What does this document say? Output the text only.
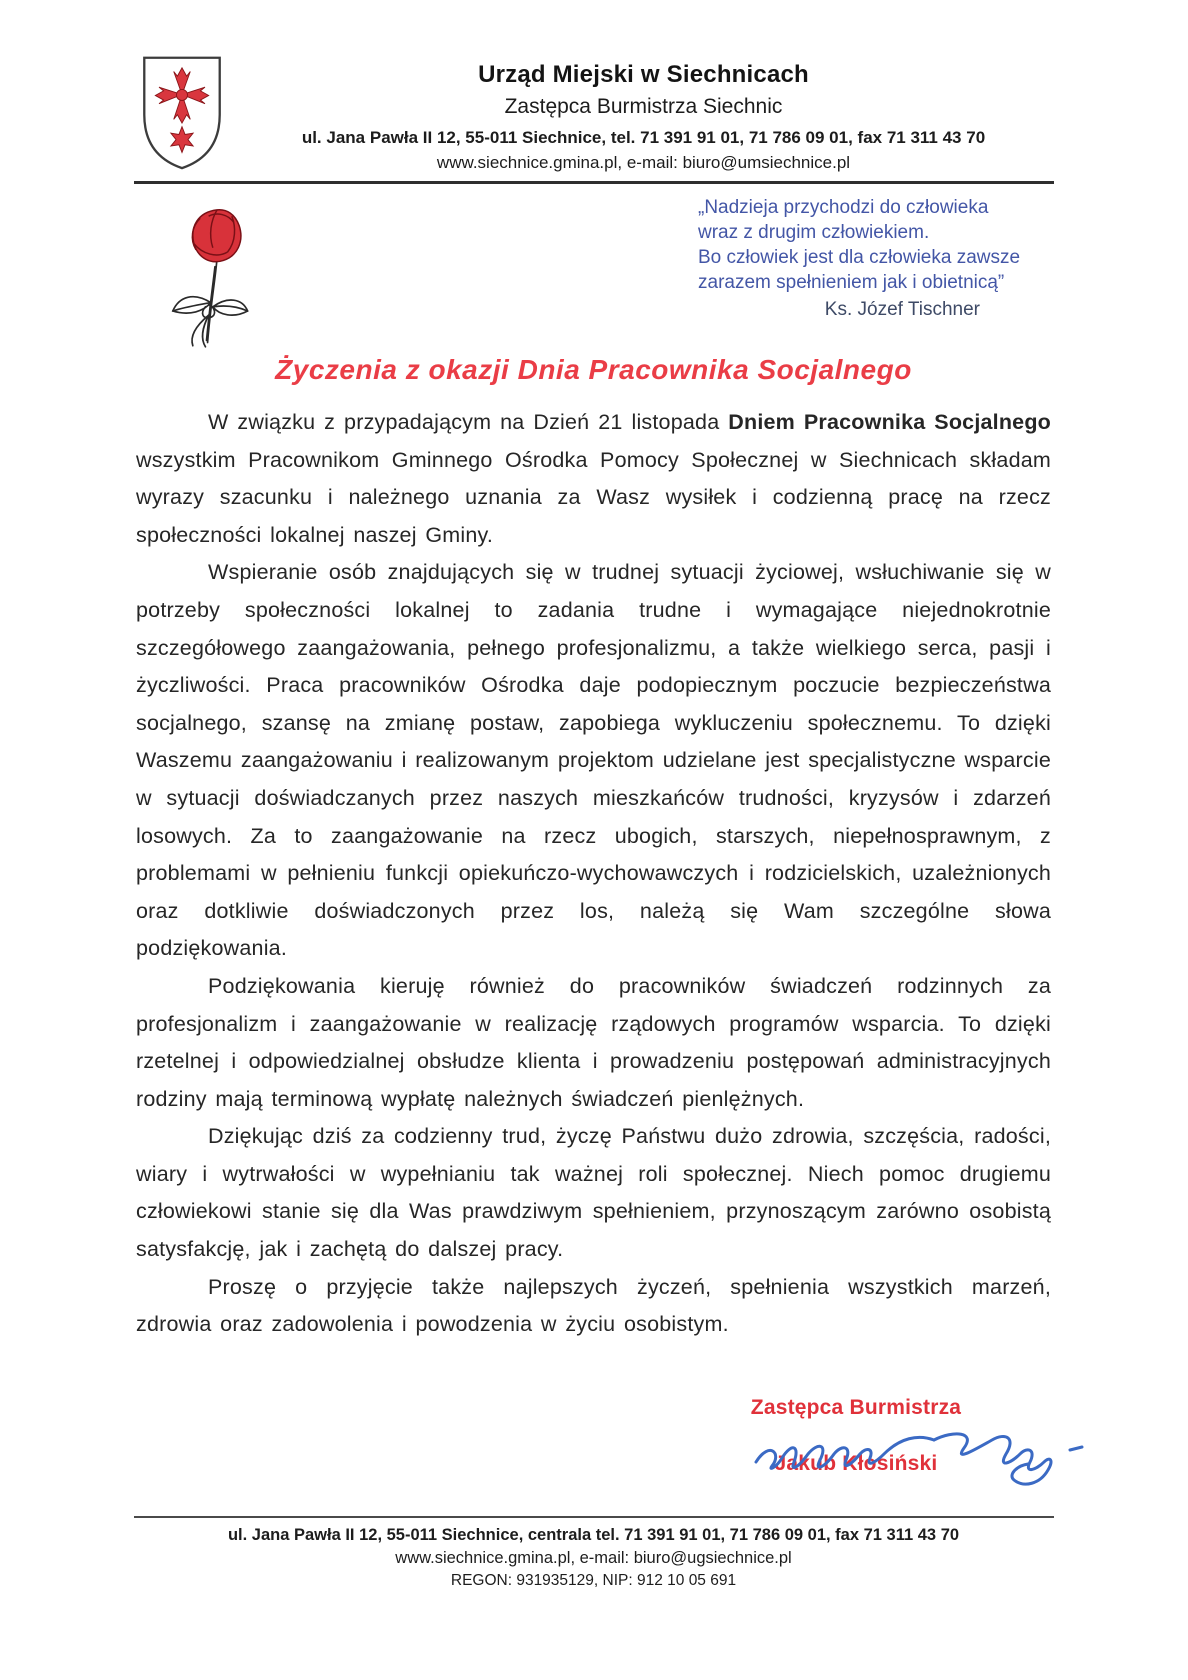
Urząd Miejski w Siechnicach
Zastępca Burmistrza Siechnic
ul. Jana Pawła II 12, 55-011 Siechnice, tel. 71 391 91 01, 71 786 09 01, fax 71 311 43 70
www.siechnice.gmina.pl, e-mail: biuro@umsiechnice.pl
„Nadzieja przychodzi do człowieka
wraz z drugim człowiekiem.
Bo człowiek jest dla człowieka zawsze
zarazem spełnieniem jak i obietnicą”
Ks. Józef Tischner
Życzenia z okazji Dnia Pracownika Socjalnego

W związku z przypadającym na Dzień 21 listopada Dniem Pracownika Socjalnego wszystkim Pracownikom Gminnego Ośrodka Pomocy Społecznej w Siechnicach składam wyrazy szacunku i należnego uznania za Wasz wysiłek i codzienną pracę na rzecz społeczności lokalnej naszej Gminy.

Wspieranie osób znajdujących się w trudnej sytuacji życiowej, wsłuchiwanie się w potrzeby społeczności lokalnej to zadania trudne i wymagające niejednokrotnie szczegółowego zaangażowania, pełnego profesjonalizmu, a także wielkiego serca, pasji i życzliwości. Praca pracowników Ośrodka daje podopiecznym poczucie bezpieczeństwa socjalnego, szansę na zmianę postaw, zapobiega wykluczeniu społecznemu. To dzięki Waszemu zaangażowaniu i realizowanym projektom udzielane jest specjalistyczne wsparcie w sytuacji doświadczanych przez naszych mieszkańców trudności, kryzysów i zdarzeń losowych. Za to zaangażowanie na rzecz ubogich, starszych, niepełnosprawnym, z problemami w pełnieniu funkcji opiekuńczo-wychowawczych i rodzicielskich, uzależnionych oraz dotkliwie doświadczonych przez los, należą się Wam szczególne słowa podziękowania.

Podziękowania kieruję również do pracowników świadczeń rodzinnych za profesjonalizm i zaangażowanie w realizację rządowych programów wsparcia. To dzięki rzetelnej i odpowiedzialnej obsłudze klienta i prowadzeniu postępowań administracyjnych rodziny mają terminową wypłatę należnych świadczeń pienlężnych.

Dziękując dziś za codzienny trud, życzę Państwu dużo zdrowia, szczęścia, radości, wiary i wytrwałości w wypełnianiu tak ważnej roli społecznej. Niech pomoc drugiemu człowiekowi stanie się dla Was prawdziwym spełnieniem, przynoszącym zarówno osobistą satysfakcję, jak i zachętą do dalszej pracy.

Proszę o przyjęcie także najlepszych życzeń, spełnienia wszystkich marzeń, zdrowia oraz zadowolenia i powodzenia w życiu osobistym.

Zastępca Burmistrza
Jakub Kłosiński
ul. Jana Pawła II 12, 55-011 Siechnice, centrala tel. 71 391 91 01, 71 786 09 01, fax 71 311 43 70
www.siechnice.gmina.pl, e-mail: biuro@ugsiechnice.pl
REGON: 931935129, NIP: 912 10 05 691
